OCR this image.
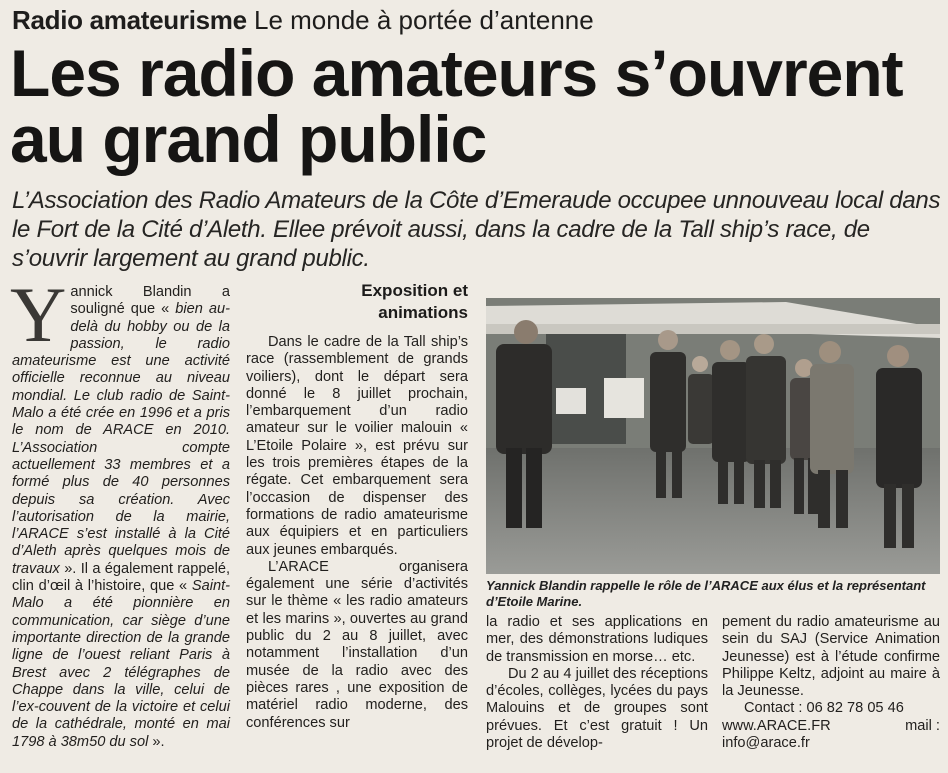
Radio amateurisme Le monde à portée d’antenne
Les radio amateurs s’ouvrent au grand public
L’Association des Radio Amateurs de la Côte d’Emeraude occupee unnouveau local dans le Fort de la Cité d’Aleth. Ellee prévoit aussi, dans la cadre de la Tall ship’s race, de s’ouvrir largement au grand public.

Yannick Blandin a souligné que « bien au-delà du hobby ou de la passion, le radio amateurisme est une activité officielle reconnue au niveau mondial. Le club radio de Saint-Malo a été crée en 1996 et a pris le nom de ARACE en 2010. L’Association compte actuellement 33 membres et a formé plus de 40 personnes depuis sa création. Avec l’autorisation de la mairie, l’ARACE s’est installé à la Cité d’Aleth après quelques mois de travaux ». Il a également rappelé, clin d’œil à l’histoire, que « Saint-Malo a été pionnière en communication, car siège d’une importante direction de la grande ligne de l’ouest reliant Paris à Brest avec 2 télégraphes de Chappe dans la ville, celui de l’ex-couvent de la victoire et celui de la cathédrale, monté en mai 1798 à 38m50 du sol ».

Exposition et animations

Dans le cadre de la Tall ship’s race (rassemblement de grands voiliers), dont le départ sera donné le 8 juillet prochain, l’embarquement d’un radio amateur sur le voilier malouin « L’Etoile Polaire », est prévu sur les trois premières étapes de la régate. Cet embarquement sera l’occasion de dispenser des formations de radio amateurisme aux équipiers et en particuliers aux jeunes embarqués.

L’ARACE organisera également une série d’activités sur le thème « les radio amateurs et les marins », ouvertes au grand public du 2 au 8 juillet, avec notamment l’installation d’un musée de la radio avec des pièces rares , une exposition de matériel radio moderne, des conférences sur

Yannick Blandin rappelle le rôle de l’ARACE aux élus et la représentant d’Etoile Marine.

la radio et ses applications en mer, des démonstrations ludiques de transmission en morse… etc.

Du 2 au 4 juillet des réceptions d’écoles, collèges, lycées du pays Malouins et de groupes sont prévues. Et c’est gratuit ! Un projet de dévelop-

pement du radio amateurisme au sein du SAJ (Service Animation Jeunesse) est à l’étude confirme Philippe Keltz, adjoint au maire à la Jeunesse.

Contact : 06 82 78 05 46

www.ARACE.FR	mail :
info@arace.fr
